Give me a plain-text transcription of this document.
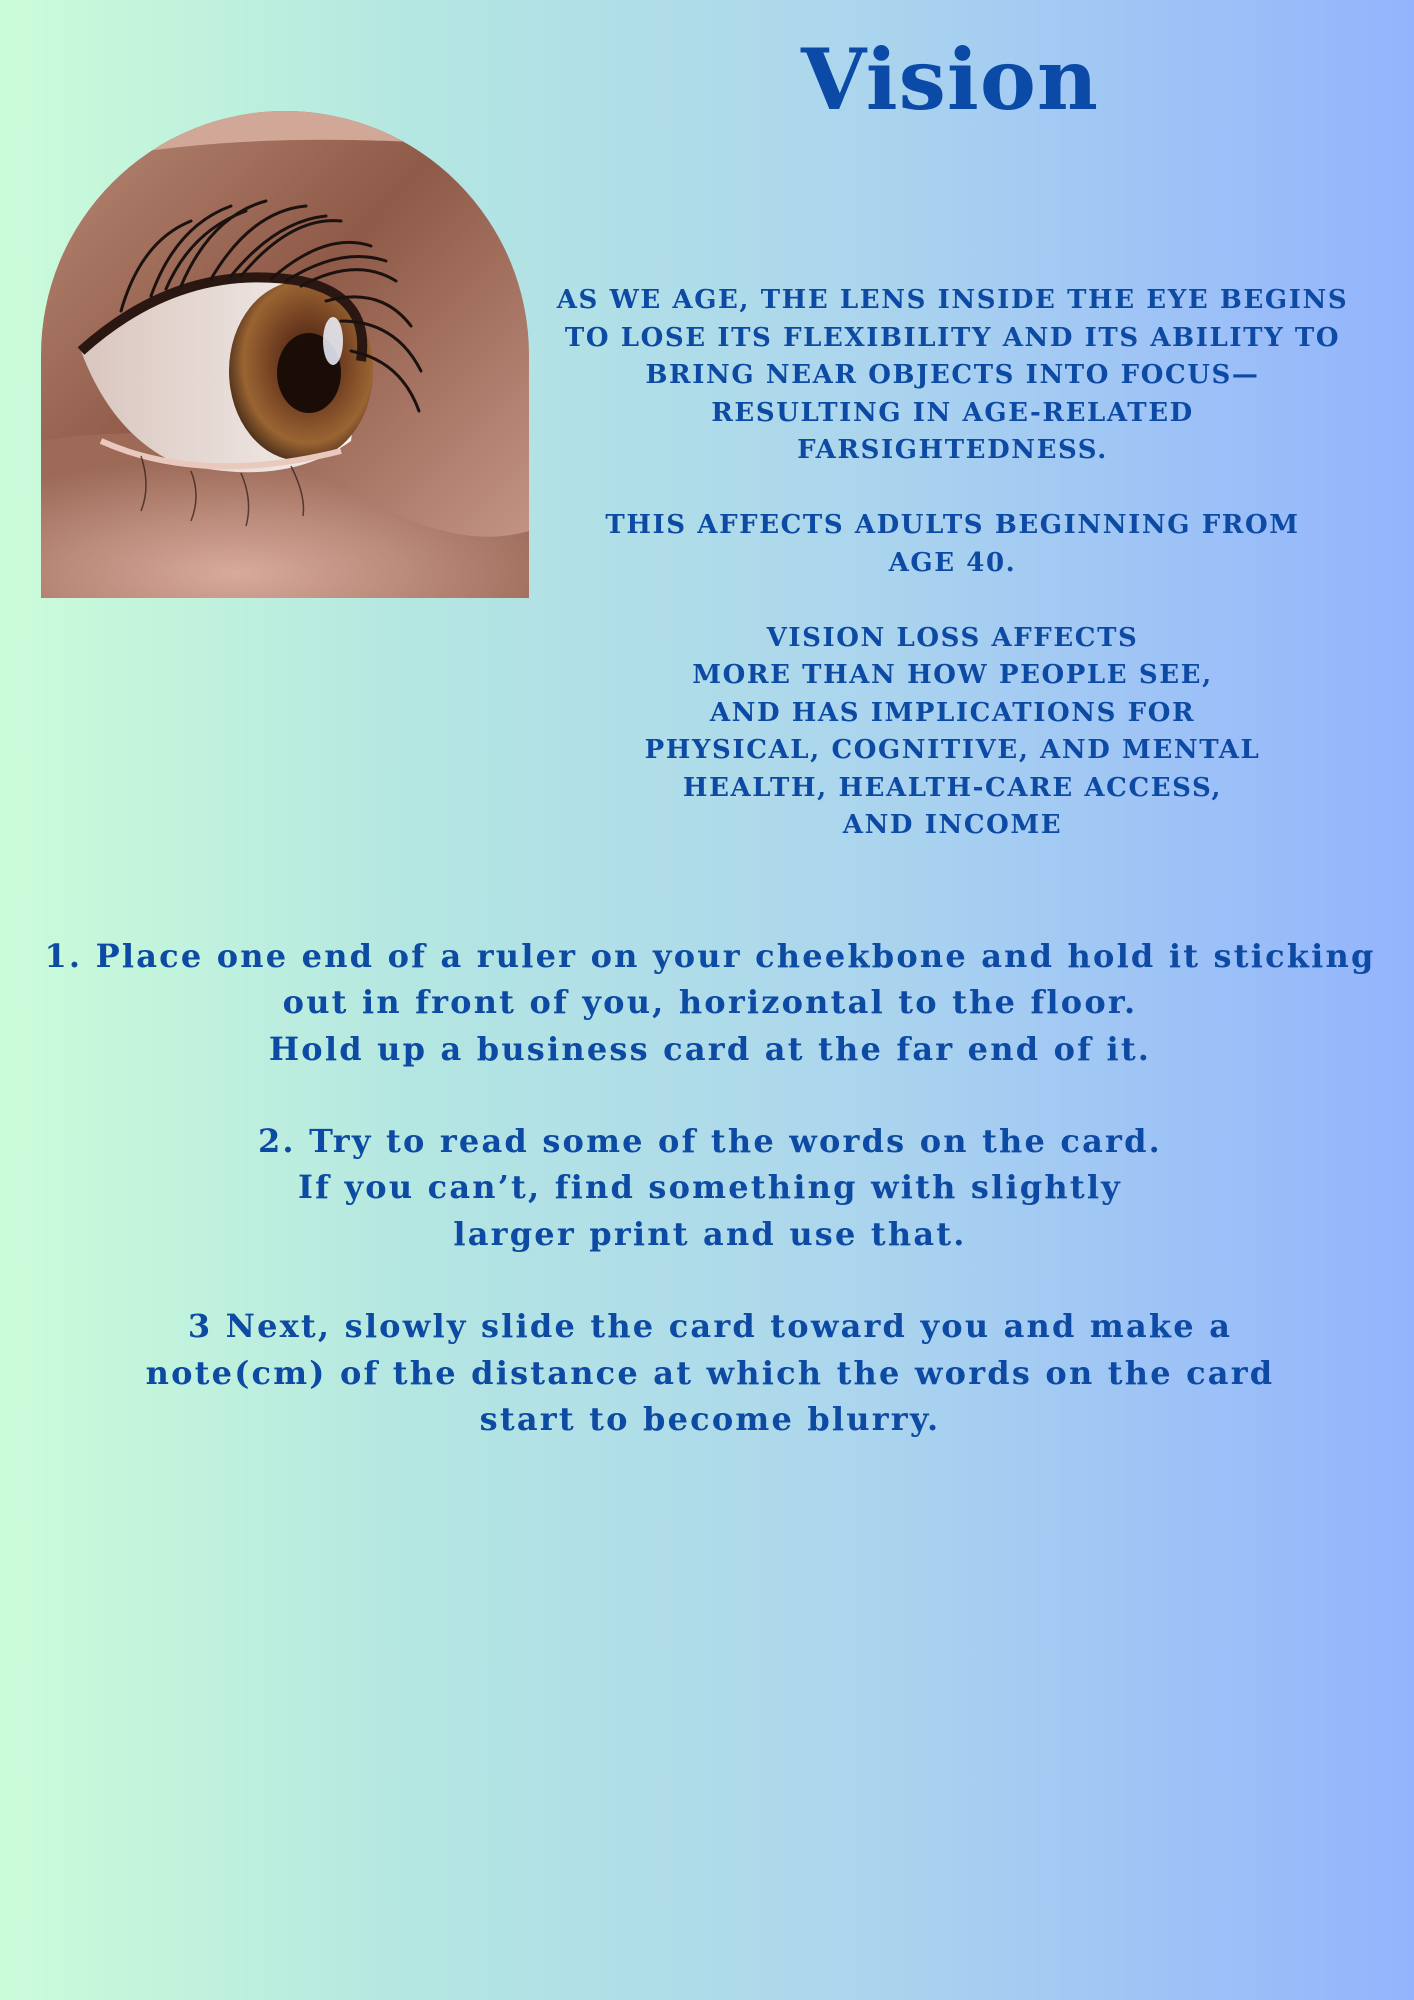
Vision

AS WE AGE, THE LENS INSIDE THE EYE BEGINS
TO LOSE ITS FLEXIBILITY AND ITS ABILITY TO
BRING NEAR OBJECTS INTO FOCUS—
RESULTING IN AGE-RELATED
FARSIGHTEDNESS.

THIS AFFECTS ADULTS BEGINNING FROM
AGE 40.

VISION LOSS AFFECTS
MORE THAN HOW PEOPLE SEE,
AND HAS IMPLICATIONS FOR
PHYSICAL, COGNITIVE, AND MENTAL
HEALTH, HEALTH-CARE ACCESS,
AND INCOME

1. Place one end of a ruler on your cheekbone and hold it sticking
out in front of you, horizontal to the floor.
Hold up a business card at the far end of it.

2. Try to read some of the words on the card.
If you can’t, find something with slightly
larger print and use that.

3 Next, slowly slide the card toward you and make a
note(cm) of the distance at which the words on the card
start to become blurry.
